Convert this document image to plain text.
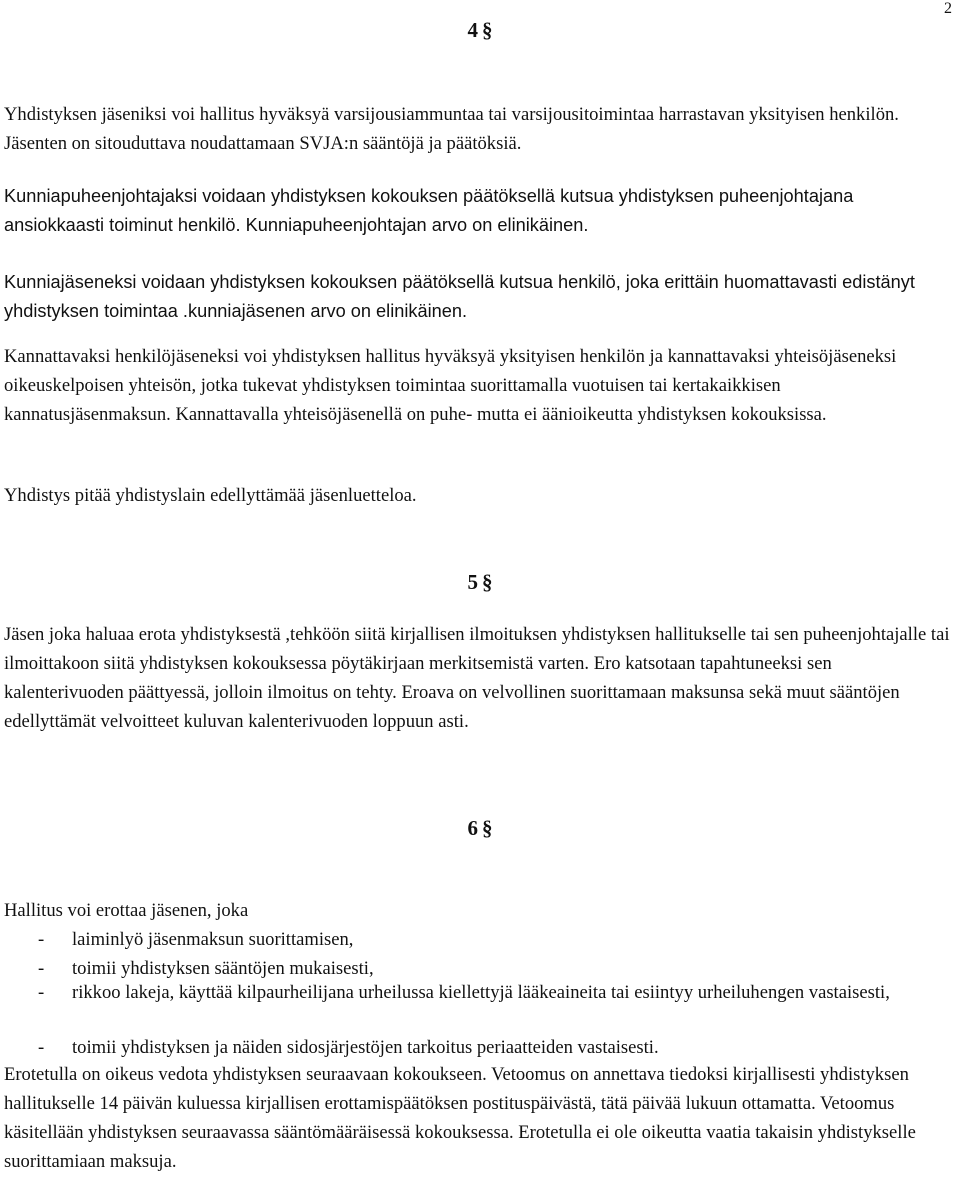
2
4 §

Yhdistyksen jäseniksi voi hallitus hyväksyä varsijousiammuntaa tai varsijousitoimintaa harrastavan yksityisen henkilön. Jäsenten on sitouduttava noudattamaan SVJA:n sääntöjä ja päätöksiä.

Kunniapuheenjohtajaksi voidaan yhdistyksen kokouksen päätöksellä kutsua yhdistyksen puheenjohtajana ansiokkaasti toiminut henkilö. Kunniapuheenjohtajan arvo on elinikäinen.

Kunniajäseneksi voidaan yhdistyksen kokouksen päätöksellä kutsua henkilö, joka erittäin huomattavasti edistänyt yhdistyksen toimintaa .kunniajäsenen arvo on elinikäinen.

Kannattavaksi henkilöjäseneksi voi yhdistyksen hallitus hyväksyä yksityisen henkilön ja kannattavaksi yhteisöjäseneksi oikeuskelpoisen yhteisön, jotka tukevat yhdistyksen toimintaa suorittamalla vuotuisen tai kertakaikkisen kannatusjäsenmaksun. Kannattavalla yhteisöjäsenellä on puhe- mutta ei äänioikeutta yhdistyksen kokouksissa.

Yhdistys pitää yhdistyslain edellyttämää jäsenluetteloa.

5 §

Jäsen joka haluaa erota yhdistyksestä ,tehköön siitä kirjallisen ilmoituksen yhdistyksen hallitukselle tai sen puheenjohtajalle tai ilmoittakoon siitä yhdistyksen kokouksessa pöytäkirjaan merkitsemistä varten. Ero katsotaan tapahtuneeksi sen kalenterivuoden päättyessä, jolloin ilmoitus on tehty. Eroava on velvollinen suorittamaan maksunsa sekä muut sääntöjen edellyttämät velvoitteet kuluvan kalenterivuoden loppuun asti.

6 §

Hallitus voi erottaa jäsenen, joka

- laiminlyö jäsenmaksun suorittamisen,
- toimii yhdistyksen sääntöjen mukaisesti,
- rikkoo lakeja, käyttää kilpaurheilijana urheilussa kiellettyjä lääkeaineita tai esiintyy urheiluhengen vastaisesti,
- toimii yhdistyksen ja näiden sidosjärjestöjen tarkoitus periaatteiden vastaisesti.

Erotetulla on oikeus vedota yhdistyksen seuraavaan kokoukseen. Vetoomus on annettava tiedoksi kirjallisesti yhdistyksen hallitukselle 14 päivän kuluessa kirjallisen erottamispäätöksen postituspäivästä, tätä päivää lukuun ottamatta. Vetoomus käsitellään yhdistyksen seuraavassa sääntömääräisessä kokouksessa. Erotetulla ei ole oikeutta vaatia takaisin yhdistykselle suorittamiaan maksuja.
